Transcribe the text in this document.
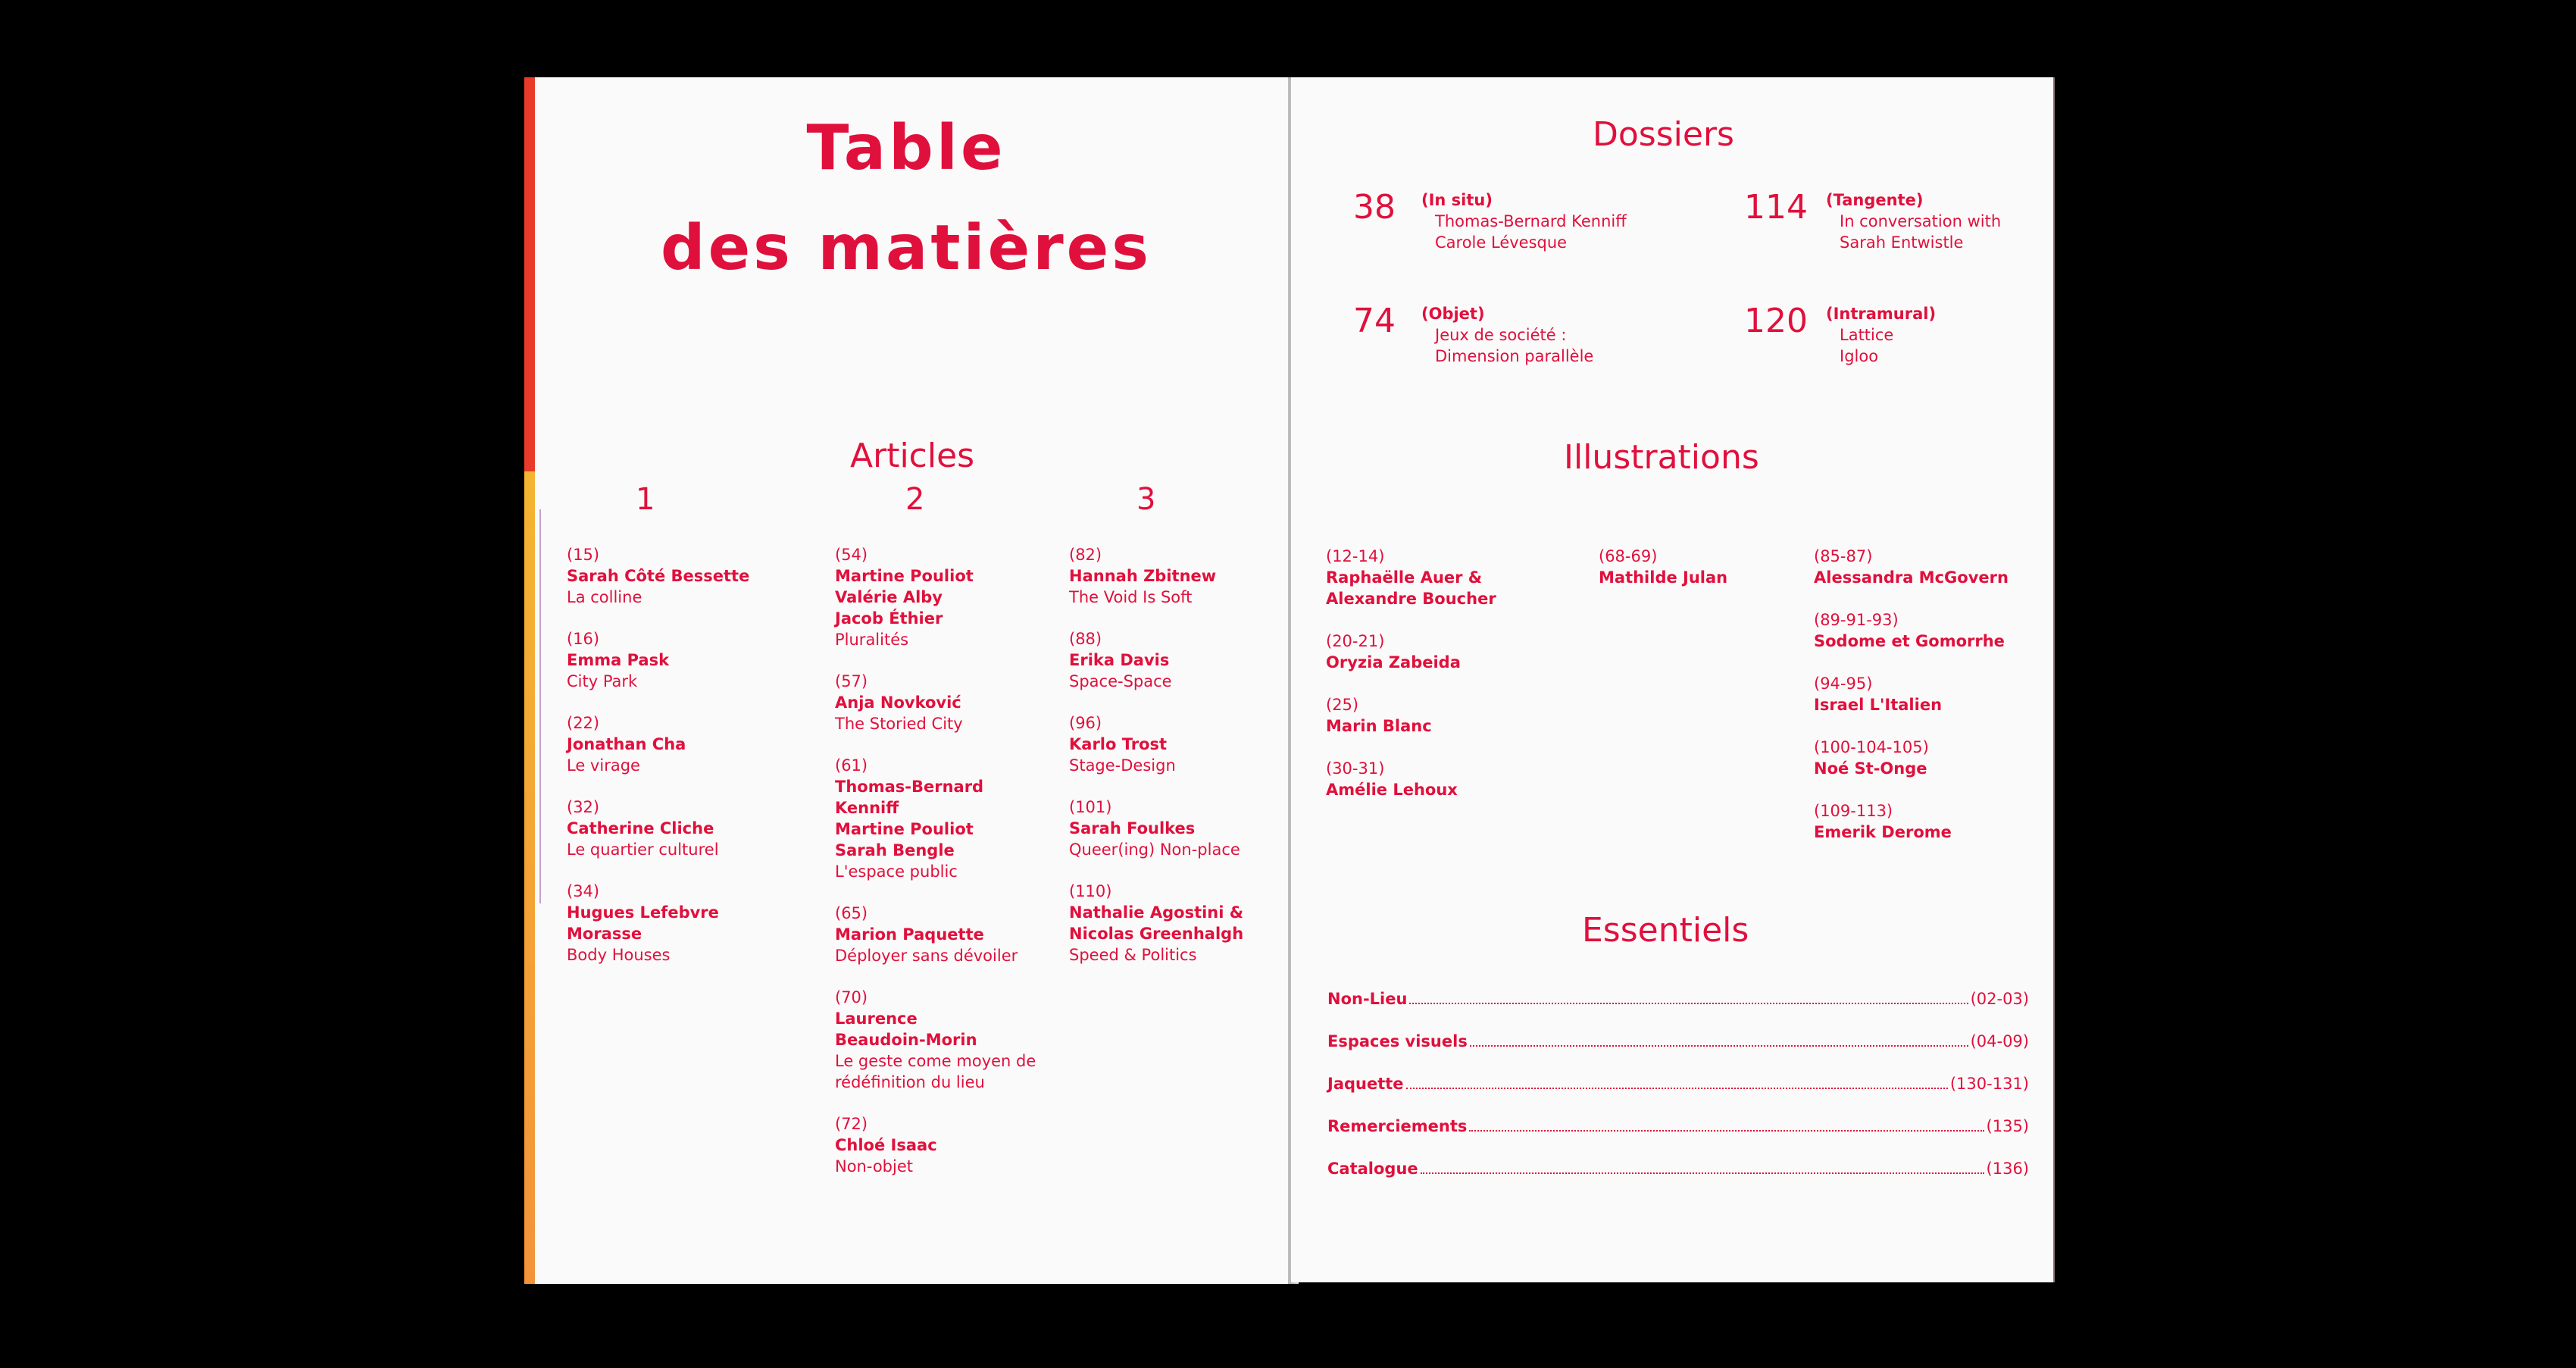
Table
des matières
Articles
1	2	3
(15)
Sarah Côté Bessette
La colline
(16)
Emma Pask
City Park
(22)
Jonathan Cha
Le virage
(32)
Catherine Cliche
Le quartier culturel
(34)
Hugues Lefebvre
Morasse
Body Houses
(54)
Martine Pouliot
Valérie Alby
Jacob Éthier
Pluralités
(57)
Anja Novković
The Storied City
(61)
Thomas-Bernard
Kenniff
Martine Pouliot
Sarah Bengle
L'espace public
(65)
Marion Paquette
Déployer sans dévoiler
(70)
Laurence
Beaudoin-Morin
Le geste come moyen de
rédéfinition du lieu
(72)
Chloé Isaac
Non-objet
(82)
Hannah Zbitnew
The Void Is Soft
(88)
Erika Davis
Space-Space
(96)
Karlo Trost
Stage-Design
(101)
Sarah Foulkes
Queer(ing) Non-place
(110)
Nathalie Agostini &
Nicolas Greenhalgh
Speed & Politics
Dossiers
38 (In situ)
Thomas-Bernard Kenniff
Carole Lévesque
114 (Tangente)
In conversation with
Sarah Entwistle
74 (Objet)
Jeux de société :
Dimension parallèle
120 (Intramural)
Lattice
Igloo
Illustrations
(12-14)
Raphaëlle Auer &
Alexandre Boucher
(20-21)
Oryzia Zabeida
(25)
Marin Blanc
(30-31)
Amélie Lehoux
(68-69)
Mathilde Julan
(85-87)
Alessandra McGovern
(89-91-93)
Sodome et Gomorrhe
(94-95)
Israel L'Italien
(100-104-105)
Noé St-Onge
(109-113)
Emerik Derome
Essentiels
Non-Lieu	(02-03)
Espaces visuels	(04-09)
Jaquette	(130-131)
Remerciements	(135)
Catalogue	(136)
